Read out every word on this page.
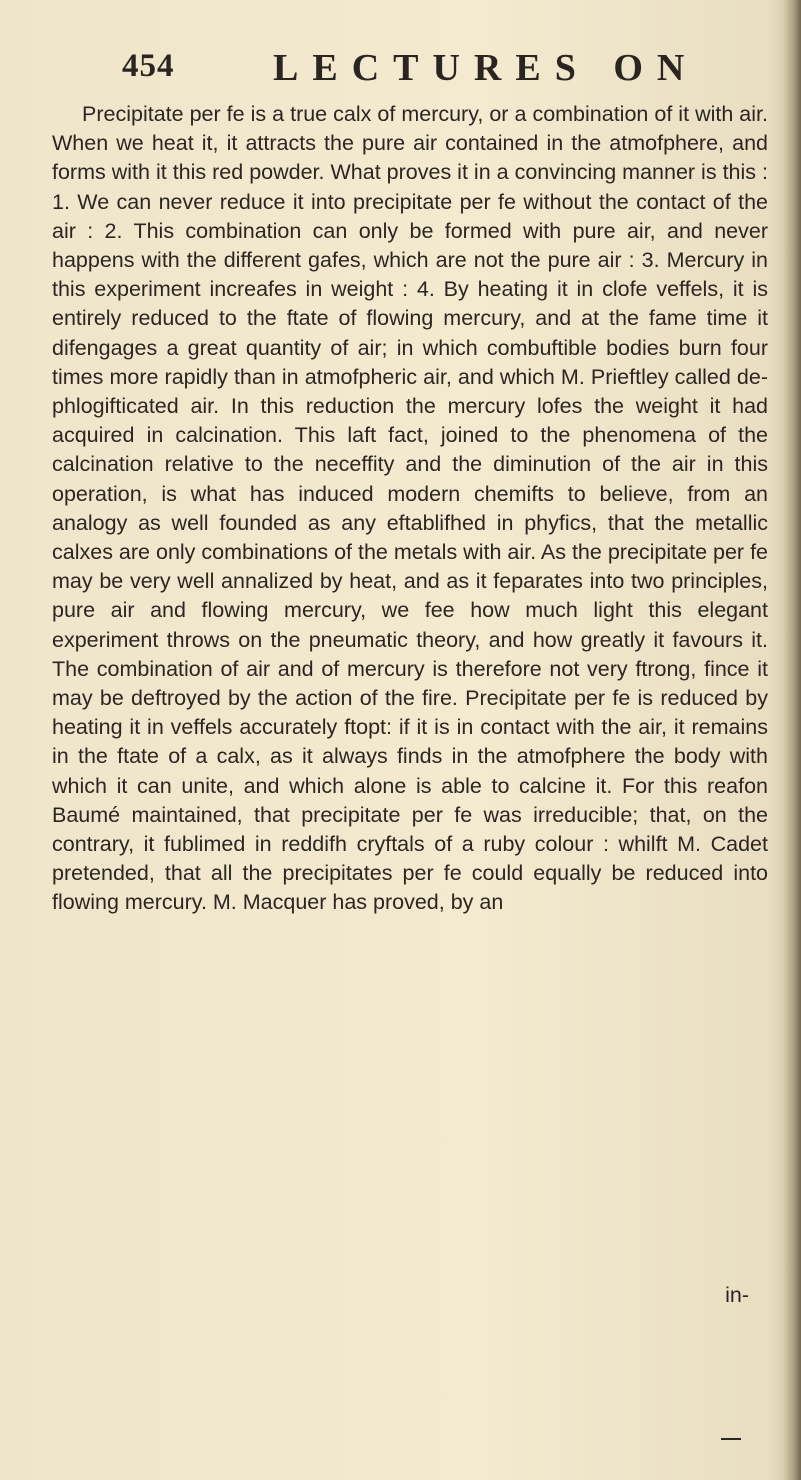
454	LECTURES ON

Precipitate per fe is a true calx of mercury, or a combination of it with air. When we heat it, it attracts the pure air contained in the atmofphere, and forms with it this red powder. What proves it in a convincing manner is this : 1. We can never reduce it into precipitate per fe without the contact of the air : 2. This combination can only be formed with pure air, and never happens with the different gafes, which are not the pure air : 3. Mercury in this experiment increafes in weight : 4. By heating it in clofe veffels, it is entirely reduced to the ftate of flowing mercury, and at the fame time it difengages a great quantity of air; in which combuftible bodies burn four times more rapidly than in atmofpheric air, and which M. Prieftley called de-phlogifticated air. In this reduction the mercury lofes the weight it had acquired in calcination. This laft fact, joined to the phenomena of the calcination relative to the neceffity and the diminution of the air in this operation, is what has induced modern chemifts to believe, from an analogy as well founded as any eftablifhed in phyfics, that the metallic calxes are only combinations of the metals with air. As the precipitate per fe may be very well annalized by heat, and as it feparates into two principles, pure air and flowing mercury, we fee how much light this elegant experiment throws on the pneumatic theory, and how greatly it favours it. The combination of air and of mercury is therefore not very ftrong, fince it may be deftroyed by the action of the fire. Precipitate per fe is reduced by heating it in veffels accurately ftopt: if it is in contact with the air, it remains in the ftate of a calx, as it always finds in the atmofphere the body with which it can unite, and which alone is able to calcine it. For this reafon Baumé maintained, that precipitate per fe was irreducible; that, on the contrary, it fublimed in reddifh cryftals of a ruby colour : whilft M. Cadet pretended, that all the precipitates per fe could equally be reduced into flowing mercury. M. Macquer has proved, by an

in-
